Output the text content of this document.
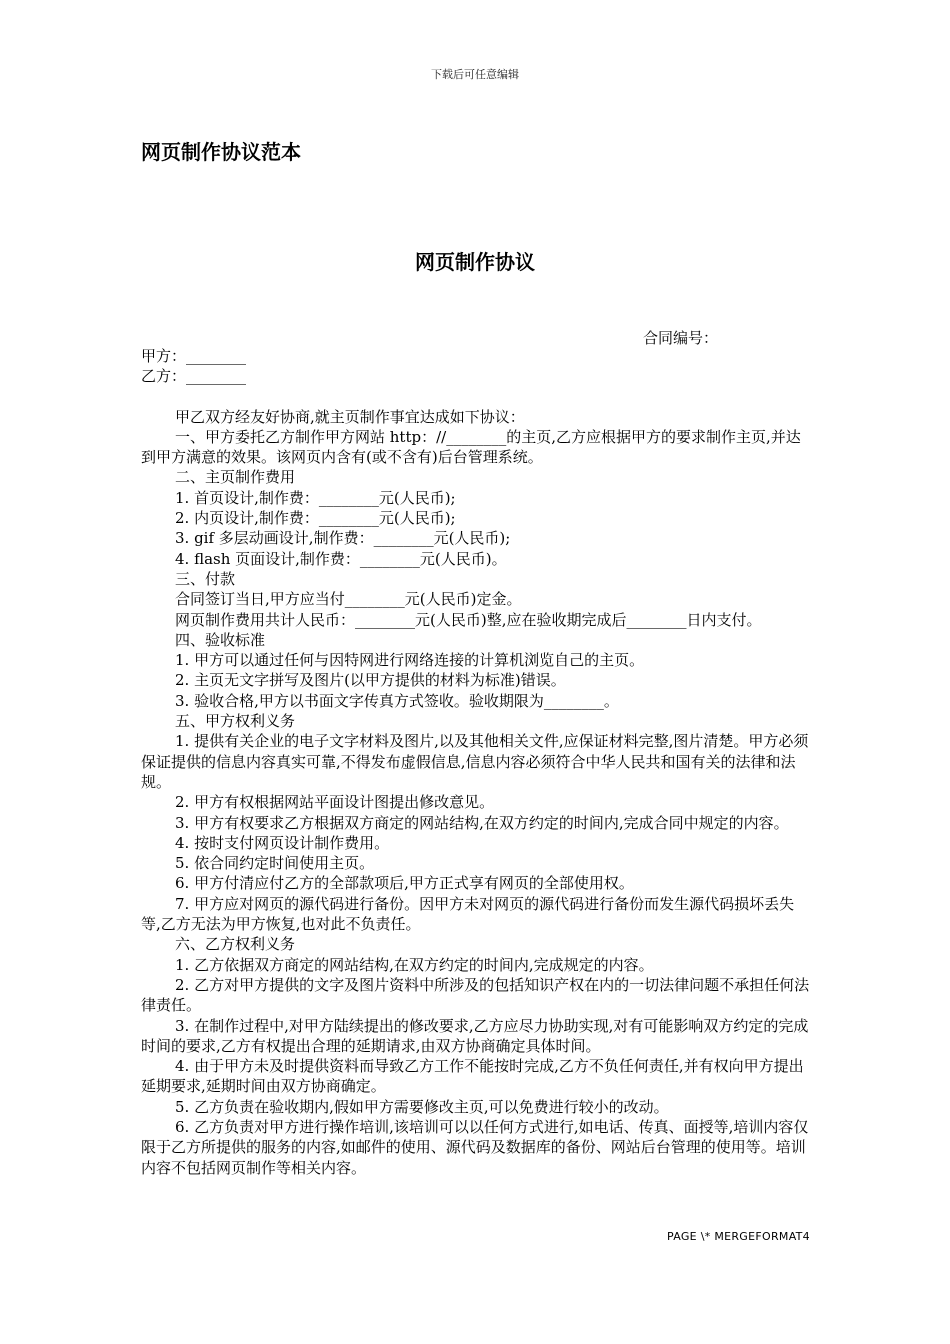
下载后可任意编辑
网页制作协议范本
网页制作协议
合同编号：

甲方：________

乙方：________

甲乙双方经友好协商,就主页制作事宜达成如下协议：

一、甲方委托乙方制作甲方网站 http：//________的主页,乙方应根据甲方的要求制作主页,并达到甲方满意的效果。该网页内含有(或不含有)后台管理系统。

二、主页制作费用

1. 首页设计,制作费：________元(人民币);

2. 内页设计,制作费：________元(人民币);

3. gif 多层动画设计,制作费：________元(人民币);

4. flash 页面设计,制作费：________元(人民币)。

三、付款

合同签订当日,甲方应当付________元(人民币)定金。

网页制作费用共计人民币：________元(人民币)整,应在验收期完成后________日内支付。

四、验收标准

1. 甲方可以通过任何与因特网进行网络连接的计算机浏览自己的主页。

2. 主页无文字拼写及图片(以甲方提供的材料为标准)错误。

3. 验收合格,甲方以书面文字传真方式签收。验收期限为________。

五、甲方权利义务

1. 提供有关企业的电子文字材料及图片,以及其他相关文件,应保证材料完整,图片清楚。甲方必须保证提供的信息内容真实可靠,不得发布虚假信息,信息内容必须符合中华人民共和国有关的法律和法规。

2. 甲方有权根据网站平面设计图提出修改意见。

3. 甲方有权要求乙方根据双方商定的网站结构,在双方约定的时间内,完成合同中规定的内容。

4. 按时支付网页设计制作费用。

5. 依合同约定时间使用主页。

6. 甲方付清应付乙方的全部款项后,甲方正式享有网页的全部使用权。

7. 甲方应对网页的源代码进行备份。因甲方未对网页的源代码进行备份而发生源代码损坏丢失等,乙方无法为甲方恢复,也对此不负责任。

六、乙方权利义务

1. 乙方依据双方商定的网站结构,在双方约定的时间内,完成规定的内容。

2. 乙方对甲方提供的文字及图片资料中所涉及的包括知识产权在内的一切法律问题不承担任何法律责任。

3. 在制作过程中,对甲方陆续提出的修改要求,乙方应尽力协助实现,对有可能影响双方约定的完成时间的要求,乙方有权提出合理的延期请求,由双方协商确定具体时间。

4. 由于甲方未及时提供资料而导致乙方工作不能按时完成,乙方不负任何责任,并有权向甲方提出延期要求,延期时间由双方协商确定。

5. 乙方负责在验收期内,假如甲方需要修改主页,可以免费进行较小的改动。

6. 乙方负责对甲方进行操作培训,该培训可以以任何方式进行,如电话、传真、面授等,培训内容仅限于乙方所提供的服务的内容,如邮件的使用、源代码及数据库的备份、网站后台管理的使用等。培训内容不包括网页制作等相关内容。

PAGE \* MERGEFORMAT4
